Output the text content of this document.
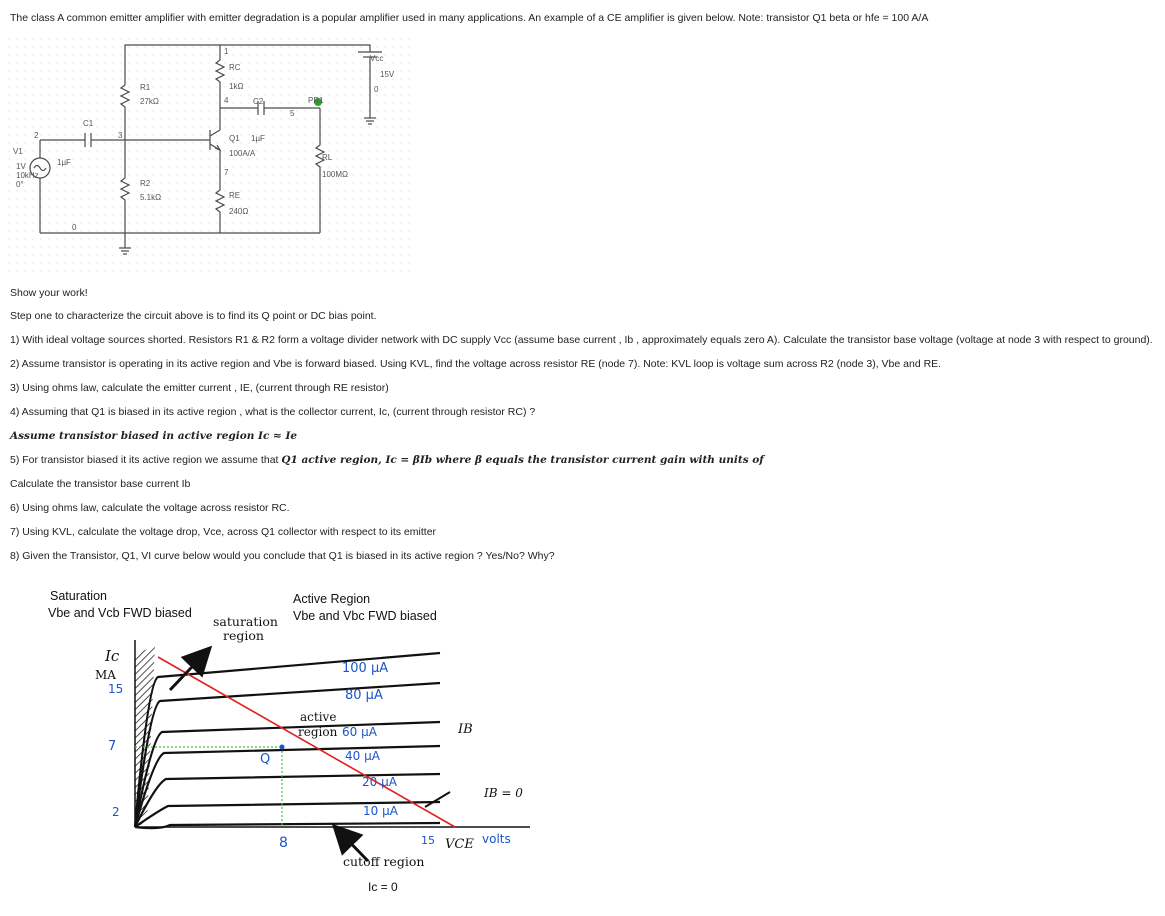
The class A common emitter amplifier with emitter degradation is a popular amplifier used in many applications. An example of a CE amplifier is given below. Note: transistor Q1 beta or hfe = 100 A/A
1
2	3
4
5
7
0
0
Vcc
15V
RC
1kΩ
R1
27kΩ
R2
5.1kΩ	RE
240Ω
RL
100MΩ
C1
1µF
C2
1µF
Q1
100A/A
PR1
V1
1V
10kHz
0°
Show your work!
Step one to characterize the circuit above is to find its Q point or DC bias point.
1) With ideal voltage sources shorted. Resistors R1 & R2 form a voltage divider network with DC supply Vcc (assume base current , Ib , approximately equals zero A). Calculate the transistor base voltage (voltage at node 3 with respect to ground).
2) Assume transistor is operating in its active region and Vbe is forward biased. Using KVL, find the voltage across resistor RE (node 7). Note: KVL loop is voltage sum across R2 (node 3), Vbe and RE.
3) Using ohms law, calculate the emitter current , IE, (current through RE resistor)
4) Assuming that Q1 is biased in its active region , what is the collector current, Ic, (current through resistor RC) ?
Assume transistor biased in active region Ic ≈ Ie
5) For transistor biased it its active region we assume that Q1 active region, Ic = βIb where β equals the transistor current gain with units of
Calculate the transistor base current Ib
6) Using ohms law, calculate the voltage across resistor RC.
7) Using KVL, calculate the voltage drop, Vce, across Q1 collector with respect to its emitter
8) Given the Transistor, Q1, VI curve below would you conclude that Q1 is biased in its active region ? Yes/No? Why?
Saturation
Vbe and Vcb FWD biased
Active Region
Vbe and Vbc FWD biased
saturation
region
Ic
MA
15
7
2
100 µA
80 µA
active
region 60 µA
40 µA
20 µA
10 µA
IB
IB = 0
Q
8	15 VCE volts
cutoff region
Ic = 0
